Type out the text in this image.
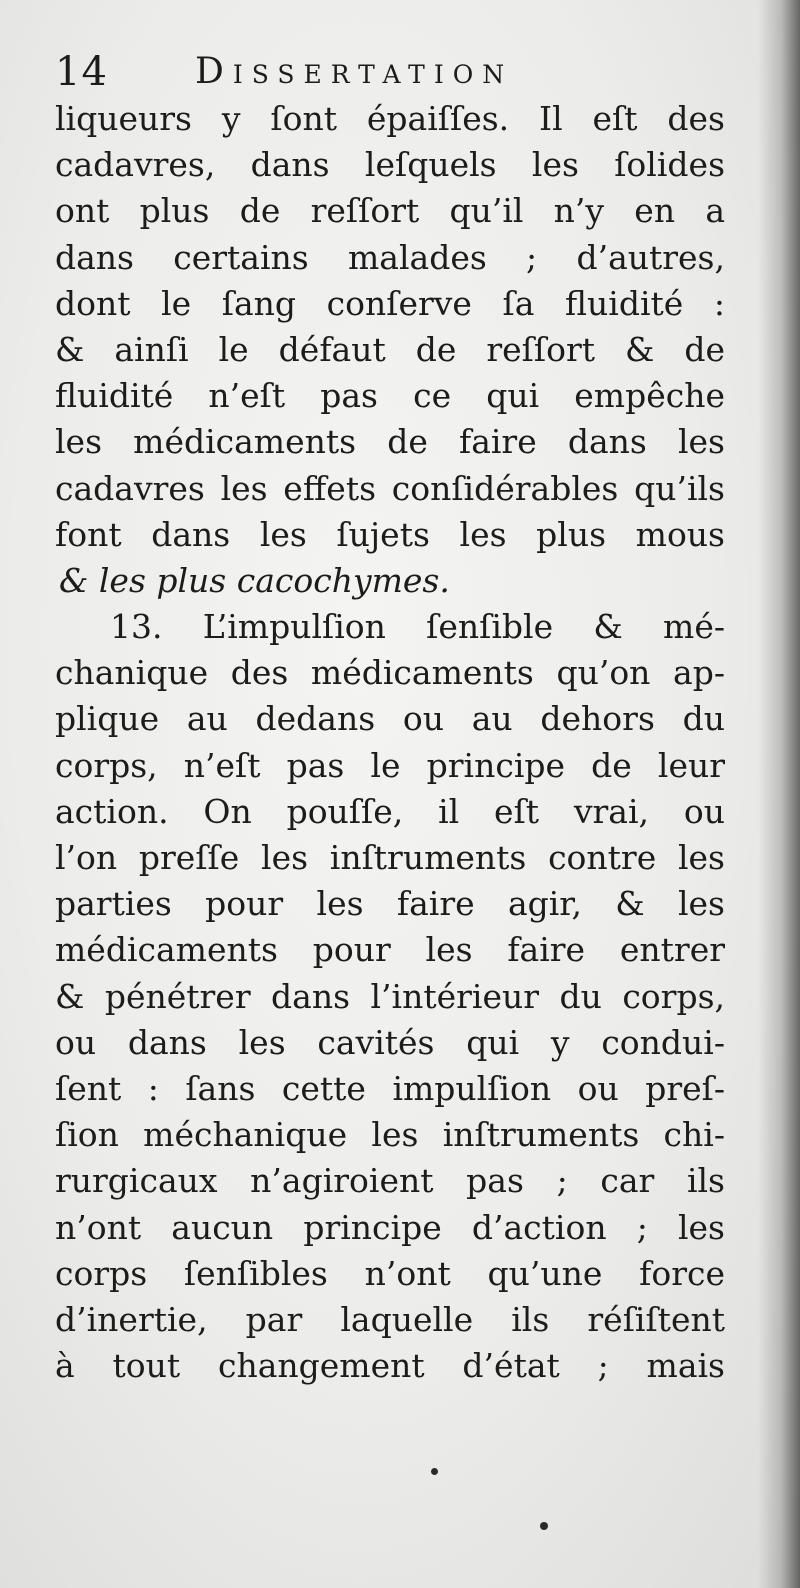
14 Dissertation
liqueurs y ſont épaiſſes. Il eſt des
cadavres, dans leſquels les ſolides
ont plus de reſſort qu’il n’y en a
dans certains malades ; d’autres,
dont le ſang conſerve ſa fluidité :
& ainſi le défaut de reſſort & de
fluidité n’eſt pas ce qui empêche
les médicaments de faire dans les
cadavres les effets conſidérables qu’ils
font dans les ſujets les plus mous
& les plus cacochymes.
13. L’impulſion ſenſible & mé-
chanique des médicaments qu’on ap-
plique au dedans ou au dehors du
corps, n’eſt pas le principe de leur
action. On pouſſe, il eſt vrai, ou
l’on preſſe les inſtruments contre les
parties pour les faire agir, & les
médicaments pour les faire entrer
& pénétrer dans l’intérieur du corps,
ou dans les cavités qui y condui-
ſent : ſans cette impulſion ou preſ-
ſion méchanique les inſtruments chi-
rurgicaux n’agiroient pas ; car ils
n’ont aucun principe d’action ; les
corps ſenſibles n’ont qu’une force
d’inertie, par laquelle ils réſiſtent
à tout changement d’état ; mais
